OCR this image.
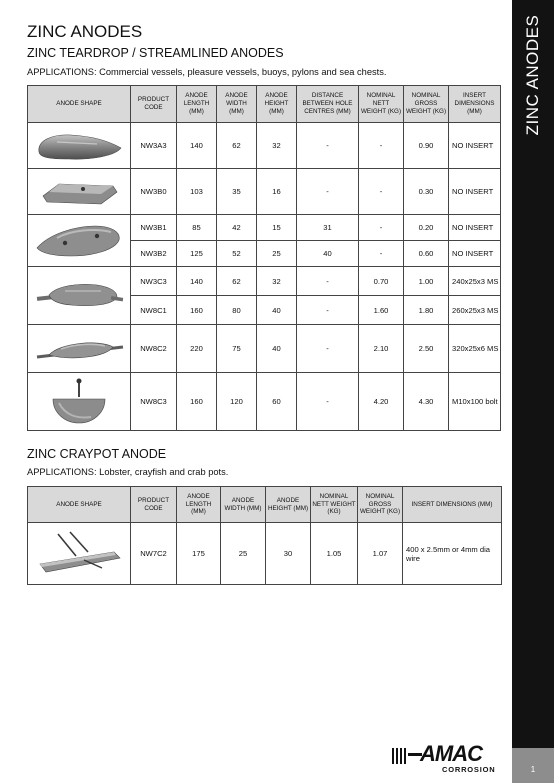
ZINC ANODES
1
ZINC ANODES
ZINC TEARDROP / STREAMLINED ANODES
APPLICATIONS: Commercial vessels, pleasure vessels, buoys, pylons and sea chests.
ANODE SHAPE	PRODUCT CODE	ANODE LENGTH (MM)	ANODE WIDTH (MM)	ANODE HEIGHT (MM)	DISTANCE BETWEEN HOLE CENTRES (MM)	NOMINAL NETT WEIGHT (KG)	NOMINAL GROSS WEIGHT (KG)	INSERT DIMENSIONS (MM)

	NW3A3	140	62	32	-	-	0.90	NO INSERT

	NW3B0	103	35	16	-	-	0.30	NO INSERT

	NW3B1	85	42	15	31	-	0.20	NO INSERT
	NW3B2	125	52	25	40	-	0.60	NO INSERT

	NW3C3	140	62	32	-	0.70	1.00	240x25x3 MS
	NW8C1	160	80	40	-	1.60	1.80	260x25x3 MS

	NW8C2	220	75	40	-	2.10	2.50	320x25x6 MS

	NW8C3	160	120	60	-	4.20	4.30	M10x100 bolt
ZINC CRAYPOT ANODE
APPLICATIONS: Lobster, crayfish and crab pots.
ANODE SHAPE	PRODUCT CODE	ANODE LENGTH (MM)	ANODE WIDTH (MM)	ANODE HEIGHT (MM)	NOMINAL NETT WEIGHT (KG)	NOMINAL GROSS WEIGHT (KG)	INSERT DIMENSIONS (MM)

	NW7C2	175	25	30	1.05	1.07	400 x 2.5mm or 4mm dia wire
AMAC
CORROSION
